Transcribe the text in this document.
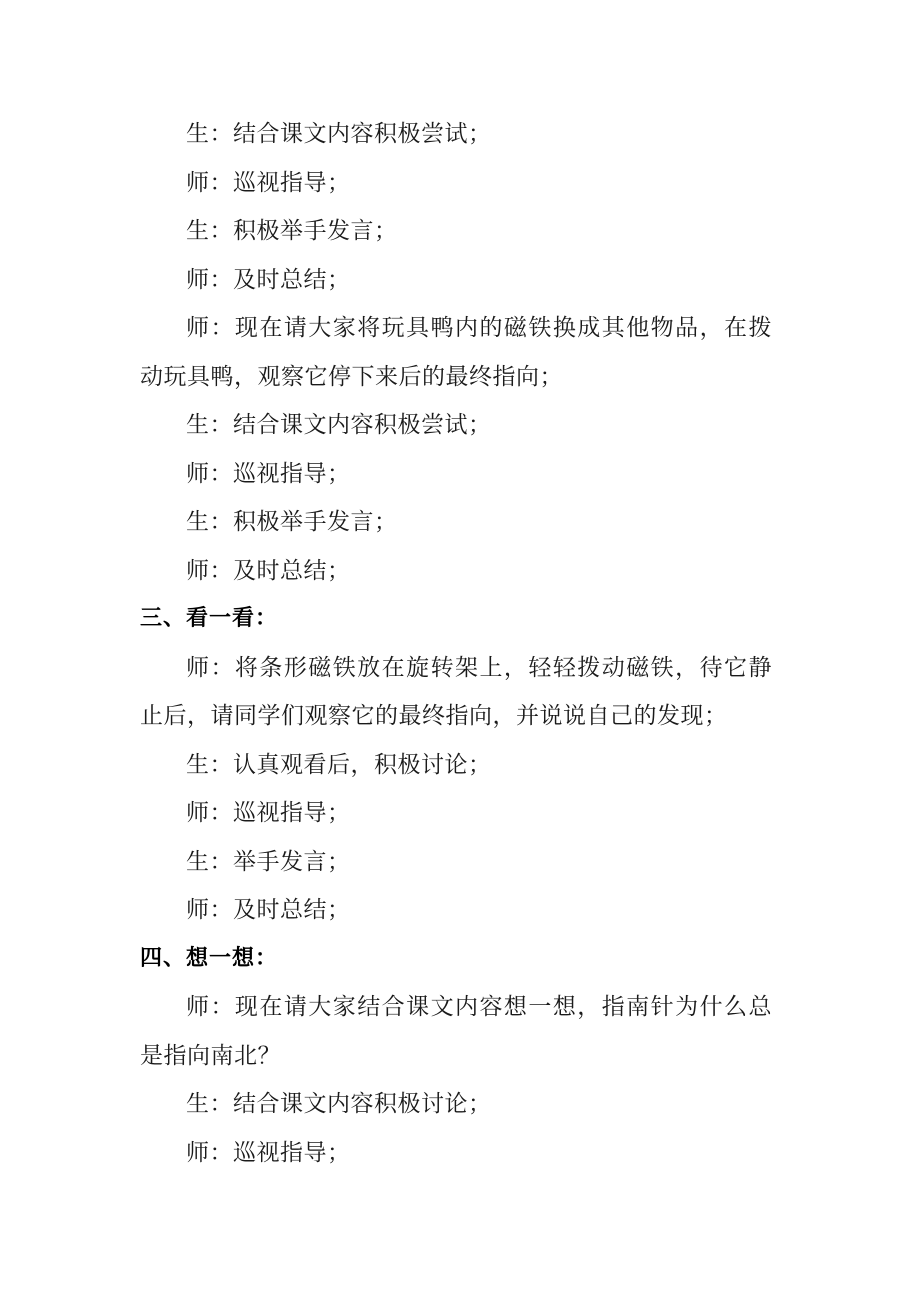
生：结合课文内容积极尝试；

师：巡视指导；

生：积极举手发言；

师：及时总结；

师：现在请大家将玩具鸭内的磁铁换成其他物品，在拨动玩具鸭，观察它停下来后的最终指向；

生：结合课文内容积极尝试；

师：巡视指导；

生：积极举手发言；

师：及时总结；

三、看一看：

师：将条形磁铁放在旋转架上，轻轻拨动磁铁，待它静止后，请同学们观察它的最终指向，并说说自己的发现；

生：认真观看后，积极讨论；

师：巡视指导；

生：举手发言；

师：及时总结；

四、想一想：

师：现在请大家结合课文内容想一想，指南针为什么总是指向南北？

生：结合课文内容积极讨论；

师：巡视指导；
